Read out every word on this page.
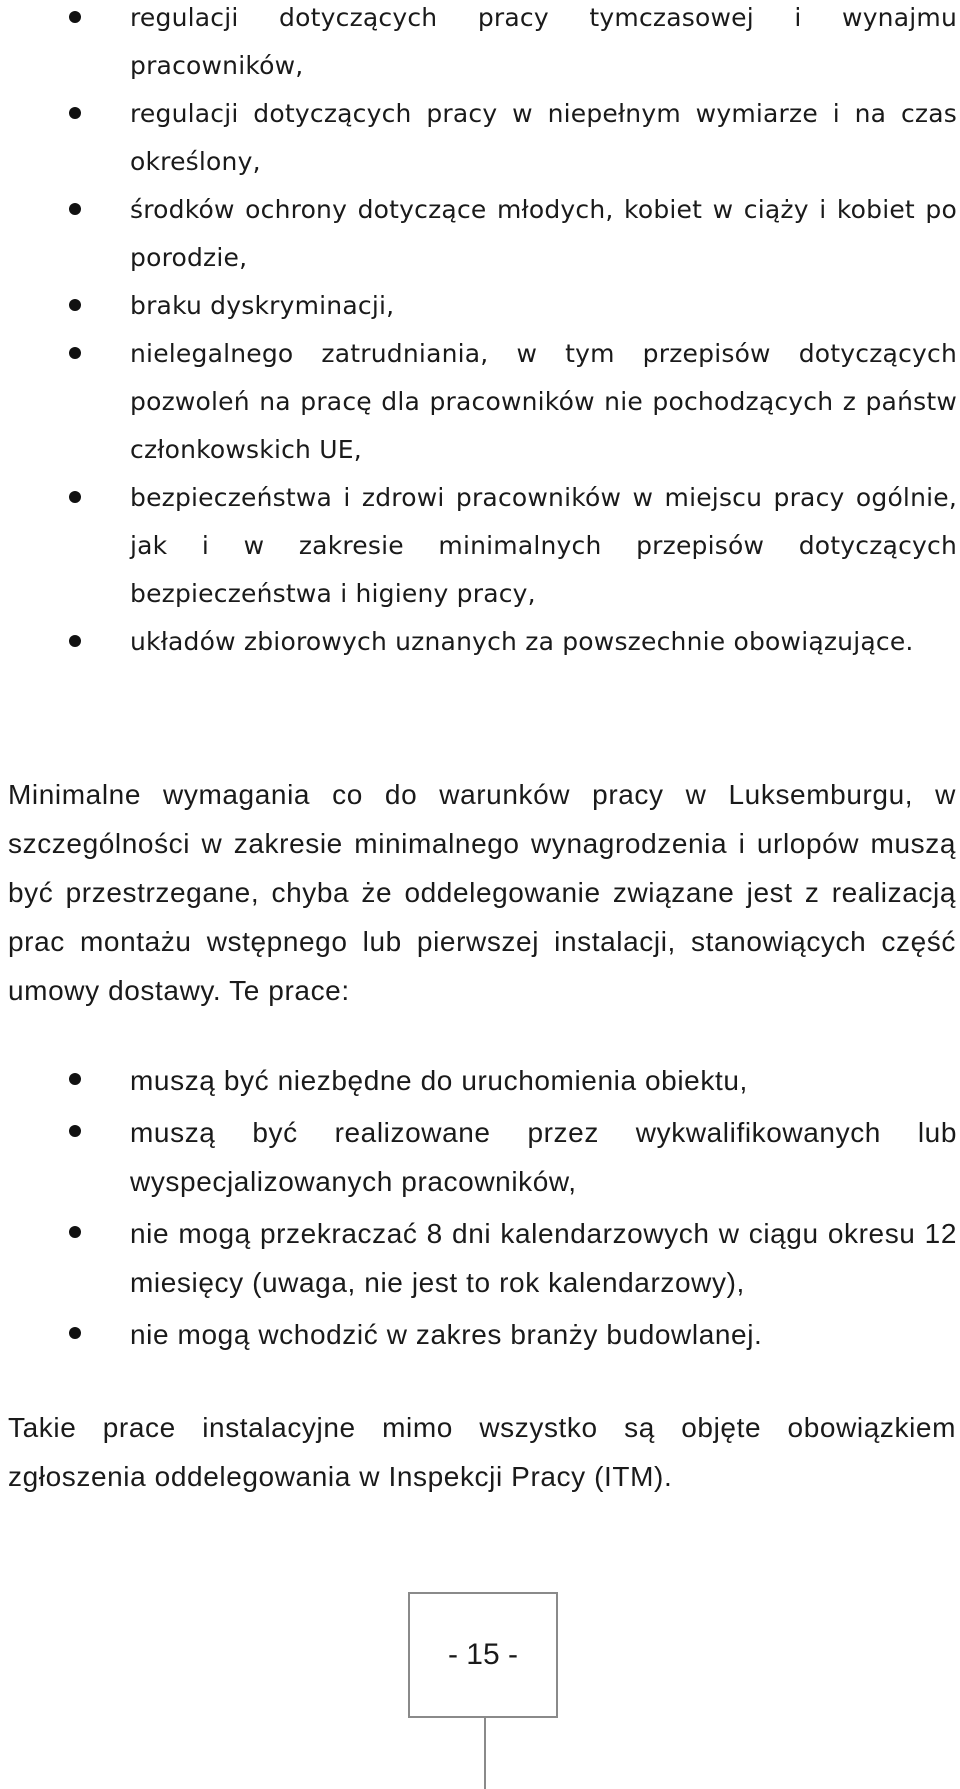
regulacji dotyczących pracy tymczasowej i wynajmu pracowników,
regulacji dotyczących pracy w niepełnym wymiarze i na czas określony,
środków ochrony dotyczące młodych, kobiet w ciąży i kobiet po porodzie,
braku dyskryminacji,
nielegalnego zatrudniania, w tym przepisów dotyczących pozwoleń na pracę dla pracowników nie pochodzących z państw członkowskich UE,
bezpieczeństwa i zdrowi pracowników w miejscu pracy ogólnie, jak i w zakresie minimalnych przepisów dotyczących bezpieczeństwa i higieny pracy,
układów zbiorowych uznanych za powszechnie obowiązujące.

Minimalne wymagania co do warunków pracy w Luksemburgu, w szczególności w zakresie minimalnego wynagrodzenia i urlopów muszą być przestrzegane, chyba że oddelegowanie związane jest z realizacją prac montażu wstępnego lub pierwszej instalacji, stanowiących część umowy dostawy. Te prace:

muszą być niezbędne do uruchomienia obiektu,
muszą być realizowane przez wykwalifikowanych lub wyspecjalizowanych pracowników,
nie mogą przekraczać 8 dni kalendarzowych w ciągu okresu 12 miesięcy (uwaga, nie jest to rok kalendarzowy),
nie mogą wchodzić w zakres branży budowlanej.

Takie prace instalacyjne mimo wszystko są objęte obowiązkiem zgłoszenia oddelegowania w Inspekcji Pracy (ITM).

- 15 -
